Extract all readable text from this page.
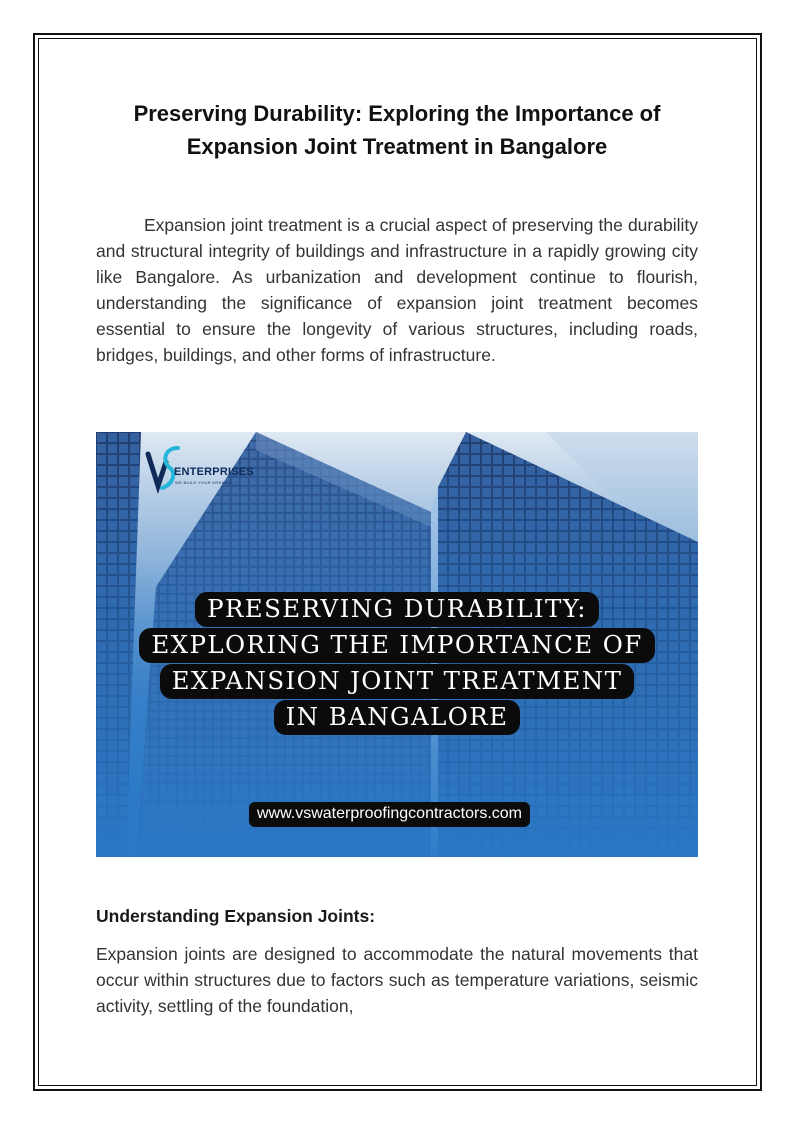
Preserving Durability: Exploring the Importance of Expansion Joint Treatment in Bangalore

Expansion joint treatment is a crucial aspect of preserving the durability and structural integrity of buildings and infrastructure in a rapidly growing city like Bangalore. As urbanization and development continue to flourish, understanding the significance of expansion joint treatment becomes essential to ensure the longevity of various structures, including roads, bridges, buildings, and other forms of infrastructure.

ENTERPRISES
WE BUILD YOUR DREAMS
PRESERVING DURABILITY:
EXPLORING THE IMPORTANCE OF
EXPANSION JOINT TREATMENT
IN BANGALORE
www.vswaterproofingcontractors.com
Understanding Expansion Joints:

Expansion joints are designed to accommodate the natural movements that occur within structures due to factors such as temperature variations, seismic activity, settling of the foundation,
